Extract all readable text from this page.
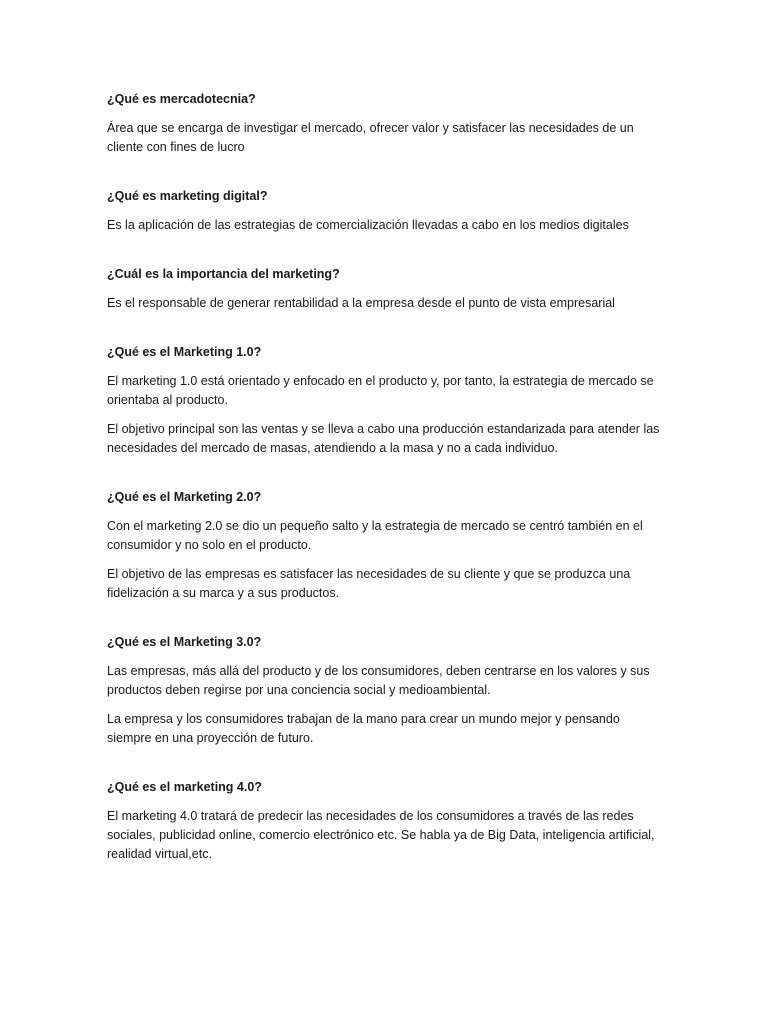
¿Qué es mercadotecnia?

Área que se encarga de investigar el mercado, ofrecer valor y satisfacer las necesidades de un cliente con fines de lucro

¿Qué es marketing digital?

Es la aplicación de las estrategias de comercialización llevadas a cabo en los medios digitales

¿Cuál es la importancia del marketing?

Es el responsable de generar rentabilidad a la empresa desde el punto de vista empresarial

¿Qué es el Marketing 1.0?

El marketing 1.0 está orientado y enfocado en el producto y, por tanto, la estrategia de mercado se orientaba al producto.

El objetivo principal son las ventas y se lleva a cabo una producción estandarizada para atender las necesidades del mercado de masas, atendiendo a la masa y no a cada individuo.

¿Qué es el Marketing 2.0?

Con el marketing 2.0 se dio un pequeño salto y la estrategia de mercado se centró también en el consumidor y no solo en el producto.

El objetivo de las empresas es satisfacer las necesidades de su cliente y que se produzca una fidelización a su marca y a sus productos.

¿Qué es el Marketing 3.0?

Las empresas, más allá del producto y de los consumidores, deben centrarse en los valores y sus productos deben regirse por una conciencia social y medioambiental.

La empresa y los consumidores trabajan de la mano para crear un mundo mejor y pensando siempre en una proyección de futuro.

¿Qué es el marketing 4.0?

El marketing 4.0 tratará de predecir las necesidades de los consumidores a través de las redes sociales, publicidad online, comercio electrónico etc. Se habla ya de Big Data, inteligencia artificial, realidad virtual,etc.
